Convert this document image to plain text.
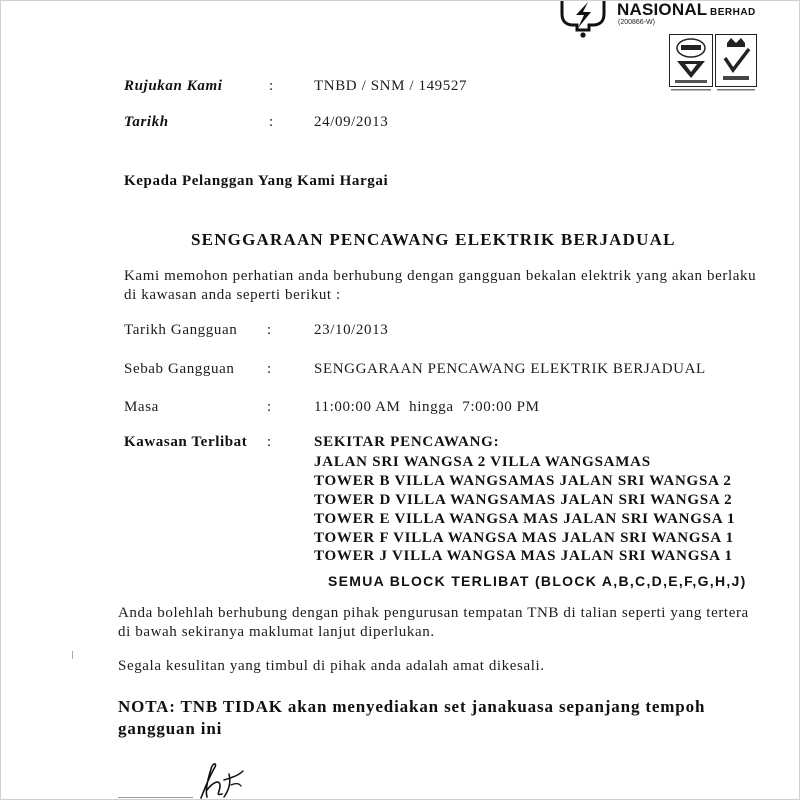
NASIONAL BERHAD
(200866-W)
Rujukan Kami	:	TNBD / SNM / 149527
Tarikh	:	24/09/2013
Kepada Pelanggan Yang Kami Hargai
SENGGARAAN PENCAWANG ELEKTRIK BERJADUAL
Kami memohon perhatian anda berhubung dengan gangguan bekalan elektrik yang akan berlaku
di kawasan anda seperti berikut :
Tarikh Gangguan :	23/10/2013
Sebab Gangguan :	SENGGARAAN PENCAWANG ELEKTRIK BERJADUAL
Masa	:	11:00:00 AM  hingga  7:00:00 PM
Kawasan Terlibat :	SEKITAR PENCAWANG:
JALAN SRI WANGSA 2 VILLA WANGSAMAS
TOWER B VILLA WANGSAMAS JALAN SRI WANGSA 2
TOWER D VILLA WANGSAMAS JALAN SRI WANGSA 2
TOWER E VILLA WANGSA MAS JALAN SRI WANGSA 1
TOWER F VILLA WANGSA MAS JALAN SRI WANGSA 1
TOWER J VILLA WANGSA MAS JALAN SRI WANGSA 1
SEMUA BLOCK TERLIBAT (BLOCK A,B,C,D,E,F,G,H,J)
Anda bolehlah berhubung dengan pihak pengurusan tempatan TNB di talian seperti yang tertera
di bawah sekiranya maklumat lanjut diperlukan.
Segala kesulitan yang timbul di pihak anda adalah amat dikesali.
NOTA: TNB TIDAK akan menyediakan set janakuasa sepanjang tempoh
gangguan ini
